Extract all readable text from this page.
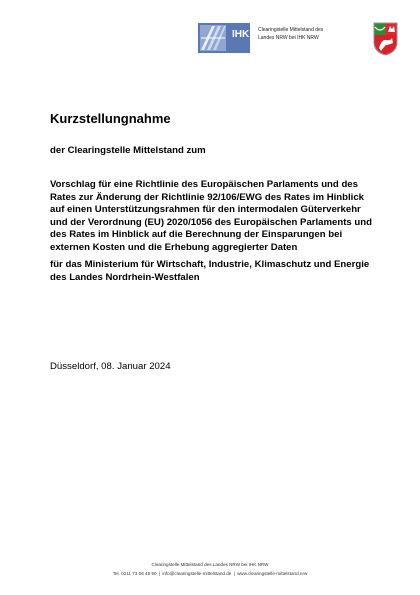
IHK Clearingstelle Mittelstand des
Landes NRW bei IHK NRW
Kurzstellungnahme

der Clearingstelle Mittelstand zum

Vorschlag für eine Richtlinie des Europäischen Parlaments und des Rates zur Änderung der Richtlinie 92/106/EWG des Rates im Hinblick auf einen Unterstützungsrahmen für den intermodalen Güterverkehr und der Verordnung (EU) 2020/1056 des Europäischen Parlaments und des Rates im Hinblick auf die Berechnung der Einsparungen bei externen Kosten und die Erhebung aggregierter Daten

für das Ministerium für Wirtschaft, Industrie, Klimaschutz und Energie des Landes Nordrhein-Westfalen

Düsseldorf, 08. Januar 2024

Clearingstelle Mittelstand des Landes NRW bei IHK NRW
Tel. 0211 73 06 48 90 | info@clearingstelle-mittelstand.de | www.clearingstelle-mittelstand.nrw
